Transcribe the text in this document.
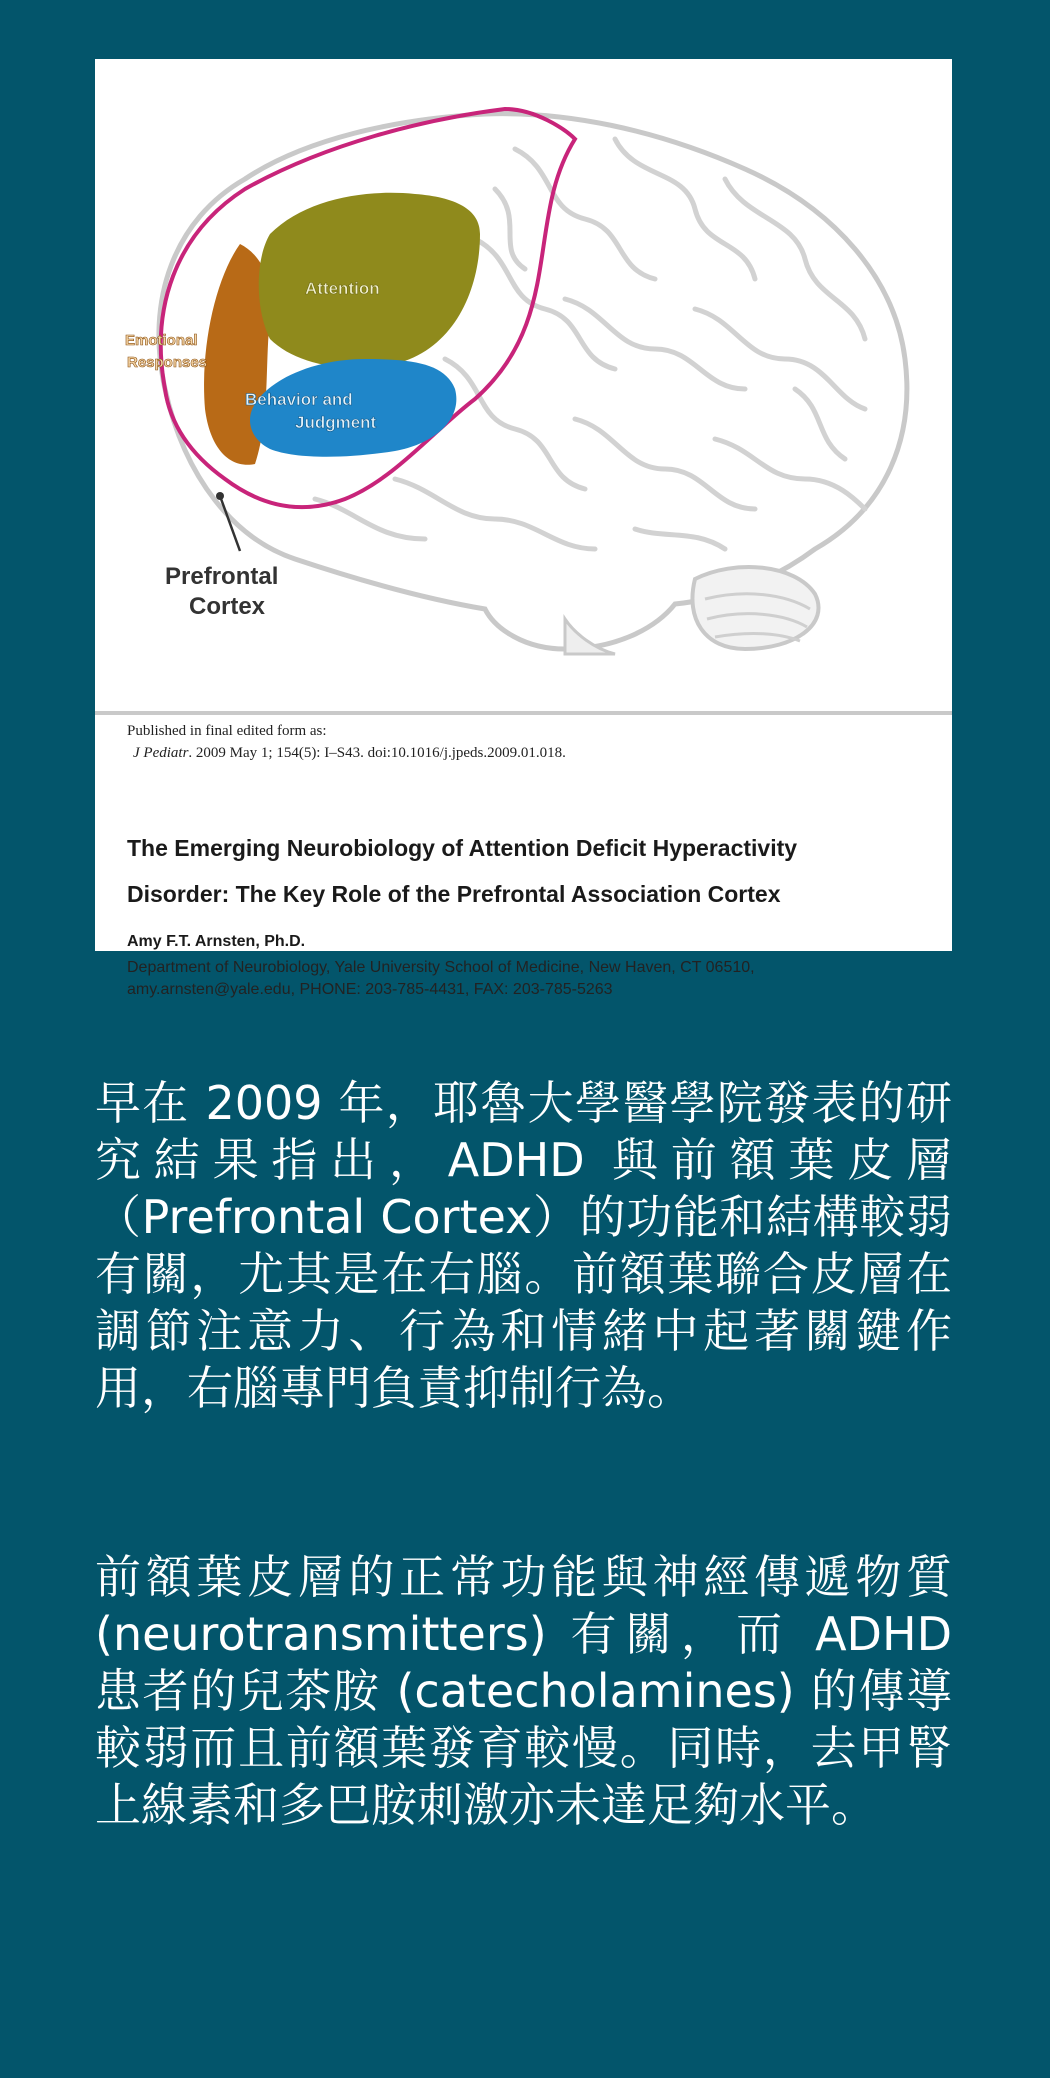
Attention
Emotional
Responses
Behavior and
Judgment
Prefrontal
Cortex
Published in final edited form as:
J Pediatr. 2009 May 1; 154(5): I–S43. doi:10.1016/j.jpeds.2009.01.018.
The Emerging Neurobiology of Attention Deficit Hyperactivity
Disorder: The Key Role of the Prefrontal Association Cortex
Amy F.T. Arnsten, Ph.D.
Department of Neurobiology, Yale University School of Medicine, New Haven, CT 06510,
amy.arnsten@yale.edu, PHONE: 203-785-4431, FAX: 203-785-5263

早在 2009 年，耶魯大學醫學院發表的研究結果指出，ADHD 與前額葉皮層（Prefrontal Cortex）的功能和結構較弱有關，尤其是在右腦。前額葉聯合皮層在調節注意力、行為和情緒中起著關鍵作用，右腦專門負責抑制行為。

前額葉皮層的正常功能與神經傳遞物質 (neurotransmitters) 有關，而 ADHD 患者的兒茶胺 (catecholamines) 的傳導較弱而且前額葉發育較慢。同時，去甲腎上線素和多巴胺刺激亦未達足夠水平。
